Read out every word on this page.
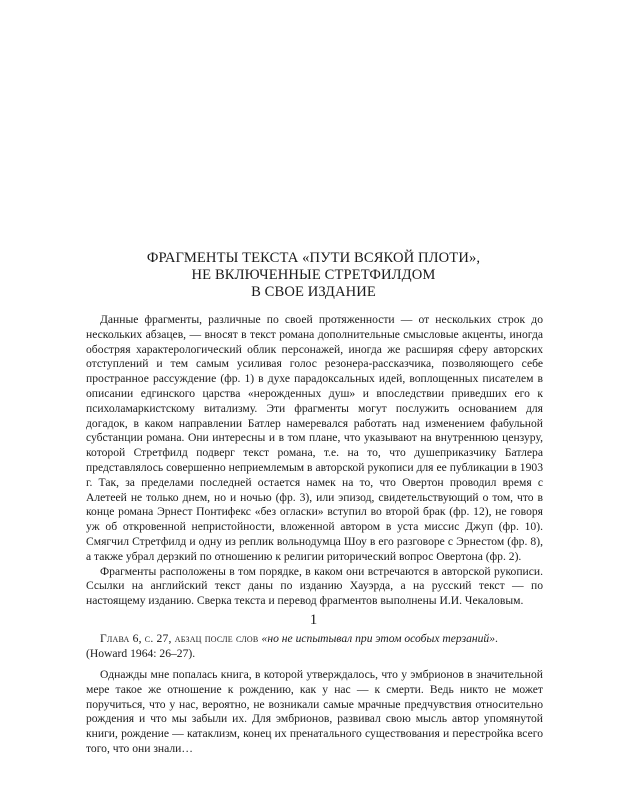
ФРАГМЕНТЫ ТЕКСТА «ПУТИ ВСЯКОЙ ПЛОТИ»,
НЕ ВКЛЮЧЕННЫЕ СТРЕТФИЛДОМ
В СВОЕ ИЗДАНИЕ

Данные фрагменты, различные по своей протяженности — от нескольких строк до нескольких абзацев, — вносят в текст романа дополнительные смысловые акценты, иногда обостряя характерологический облик персонажей, иногда же расширяя сферу авторских отступлений и тем самым усиливая голос резонера-рассказчика, позволяющего себе пространное рассуждение (фр. 1) в духе парадоксальных идей, воплощенных писателем в описании едгинского царства «нерожденных душ» и впоследствии приведших его к психоламаркистскому витализму. Эти фрагменты могут послужить основанием для догадок, в каком направлении Батлер намеревался работать над изменением фабульной субстанции романа. Они интересны и в том плане, что указывают на внутреннюю цензуру, которой Стретфилд подверг текст романа, т.е. на то, что душеприказчику Батлера представлялось совершенно неприемлемым в авторской рукописи для ее публикации в 1903 г. Так, за пределами последней остается намек на то, что Овертон проводил время с Алетеей не только днем, но и ночью (фр. 3), или эпизод, свидетельствующий о том, что в конце романа Эрнест Понтифекс «без огласки» вступил во второй брак (фр. 12), не говоря уж об откровенной непристойности, вложенной автором в уста миссис Джуп (фр. 10). Смягчил Стретфилд и одну из реплик вольнодумца Шоу в его разговоре с Эрнестом (фр. 8), а также убрал дерзкий по отношению к религии риторический вопрос Овертона (фр. 2).

Фрагменты расположены в том порядке, в каком они встречаются в авторской рукописи. Ссылки на английский текст даны по изданию Хауэрда, а на русский текст — по настоящему изданию. Сверка текста и перевод фрагментов выполнены И.И. Чекаловым.

1

Глава 6, с. 27, абзац после слов «но не испытывал при этом особых терзаний».

(Howard 1964: 26–27).

Однажды мне попалась книга, в которой утверждалось, что у эмбрионов в значительной мере такое же отношение к рождению, как у нас — к смерти. Ведь никто не может поручиться, что у нас, вероятно, не возникали самые мрачные предчувствия относительно рождения и что мы забыли их. Для эмбрионов, развивал свою мысль автор упомянутой книги, рождение — катаклизм, конец их пренатального существования и перестройка всего того, что они знали…
